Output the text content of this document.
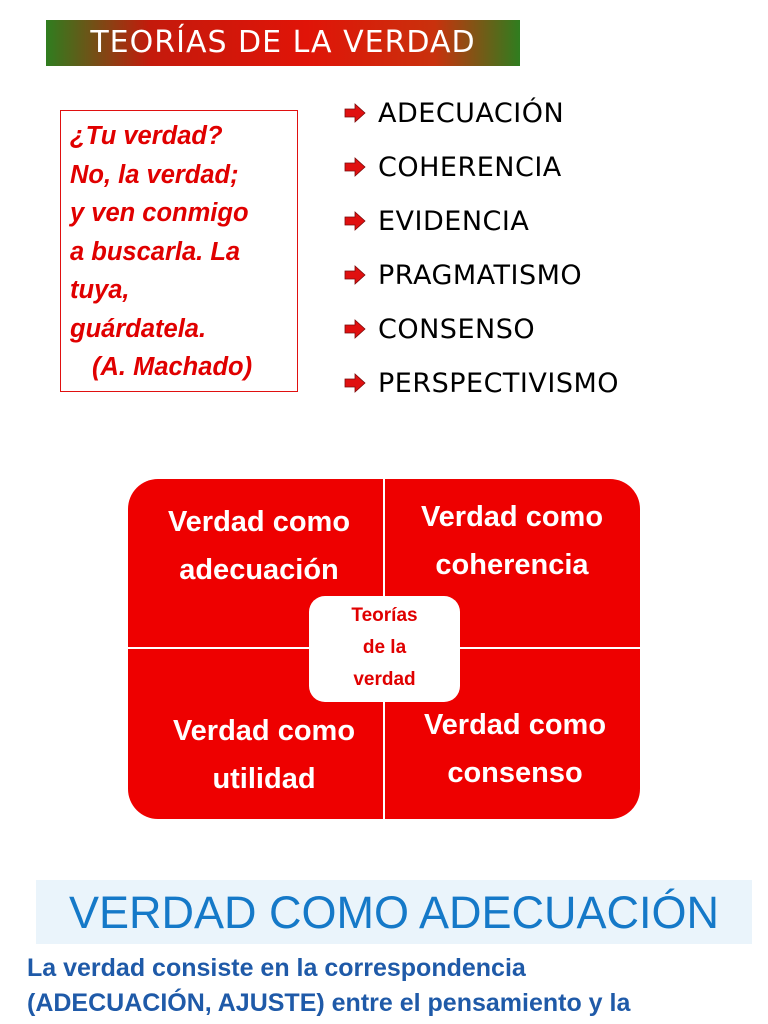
TEORÍAS DE LA VERDAD
¿Tu verdad?
No, la verdad;
y ven conmigo
a buscarla. La
tuya,
guárdatela.
(A. Machado)
ADECUACIÓN
COHERENCIA
EVIDENCIA
PRAGMATISMO
CONSENSO
PERSPECTIVISMO
Verdad como
adecuación
Verdad como
coherencia
Verdad como
utilidad
Verdad como
consenso
Teorías
de la
verdad
VERDAD COMO ADECUACIÓN
La verdad consiste en la correspondencia
(ADECUACIÓN, AJUSTE) entre el pensamiento y la
